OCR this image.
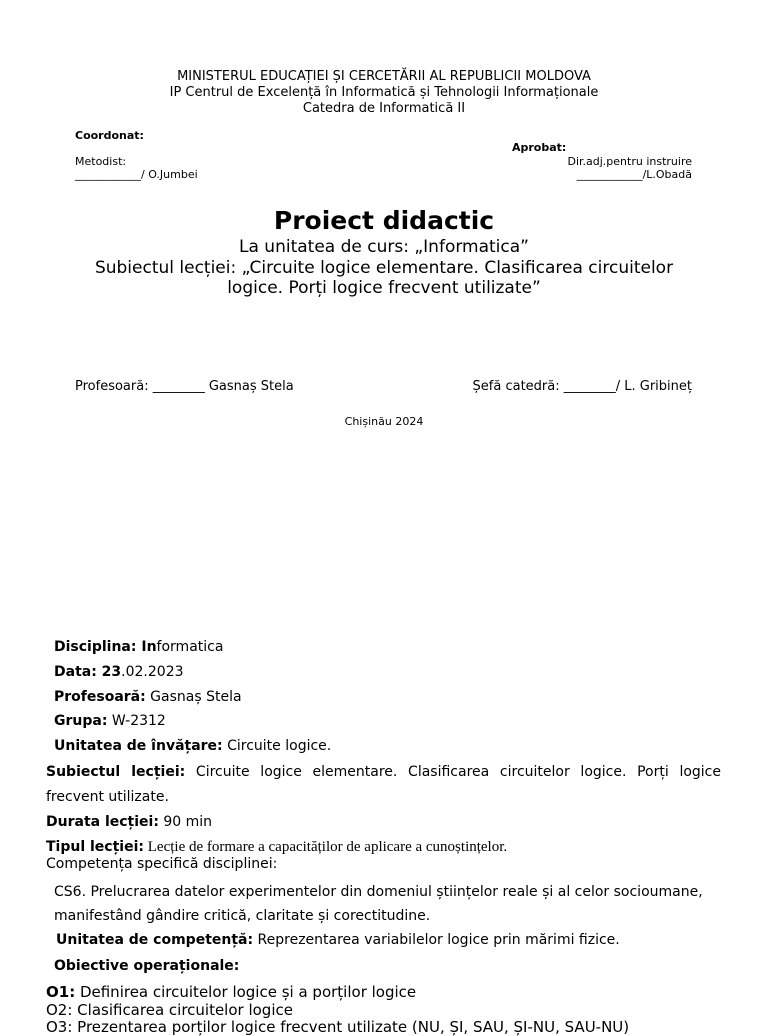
MINISTERUL EDUCAȚIEI ȘI CERCETĂRII AL REPUBLICII MOLDOVA
IP Centrul de Excelență în Informatică și Tehnologii Informaționale
Catedra de Informatică II
Coordonat:
Metodist:
____________/ O.Jumbei
Aprobat:
Dir.adj.pentru instruire
____________/L.Obadă
Proiect didactic
La unitatea de curs: „Informatica”
Subiectul lecției: „Circuite logice elementare. Clasificarea circuitelor
logice. Porți logice frecvent utilizate”
Profesoară: ________ Gasnaș Stela	Șefă catedră: ________/ L. Gribineț
Chișinău 2024
Disciplina: Informatica
Data: 23.02.2023
Profesoară: Gasnaș Stela
Grupa: W-2312
Unitatea de învățare: Circuite logice.
Subiectul lecției: Circuite logice elementare. Clasificarea circuitelor logice. Porți logice
frecvent utilizate.
Durata lecției: 90 min
Tipul lecției: Lecție de formare a capacităților de aplicare a cunoștințelor.
Competența specifică disciplinei:
CS6. Prelucrarea datelor experimentelor din domeniul științelor reale și al celor socioumane,
manifestând gândire critică, claritate și corectitudine.
Unitatea de competență: Reprezentarea variabilelor logice prin mărimi fizice.
Obiective operaționale:
O1: Definirea circuitelor logice și a porților logice
O2: Clasificarea circuitelor logice
O3: Prezentarea porților logice frecvent utilizate (NU, ȘI, SAU, ȘI-NU, SAU-NU)
